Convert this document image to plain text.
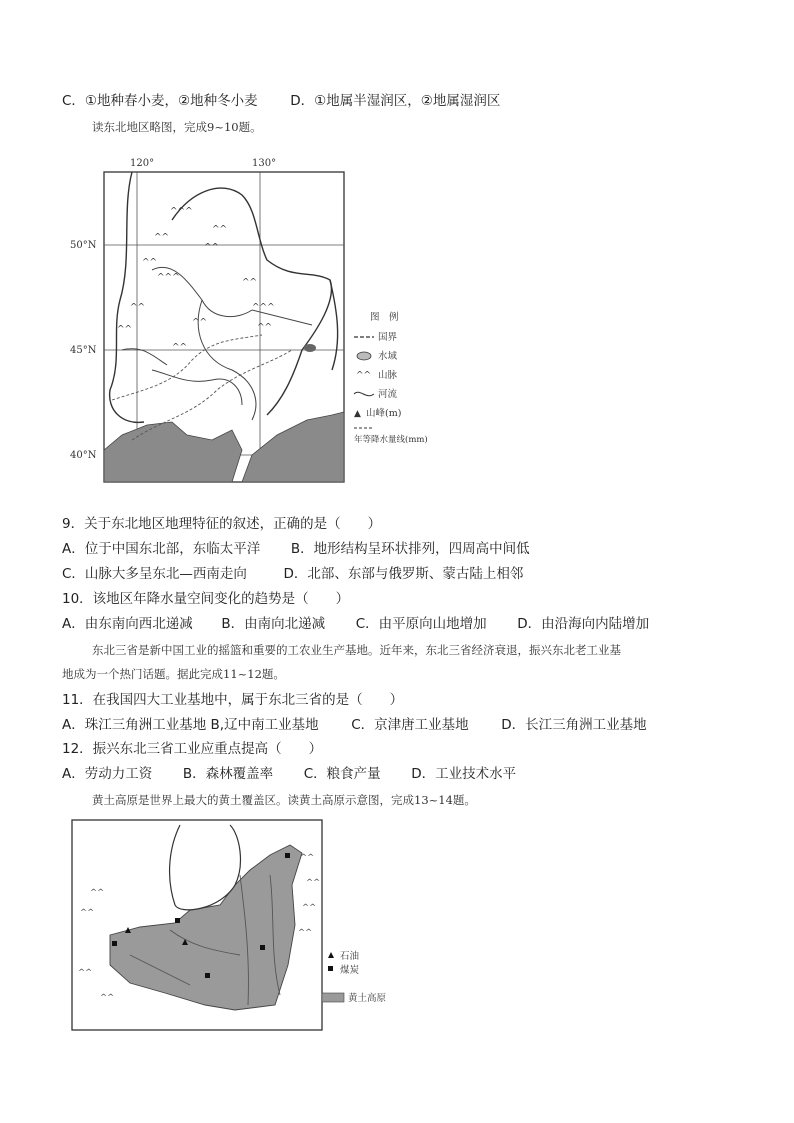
C．①地种春小麦，②地种冬小麦 D．①地属半湿润区，②地属湿润区
读东北地区略图，完成9~10题。
^^^
^^
^^
^^
^^
^^^
^^
^^
^^
^^^
^^
^^
^^
120°	130°
50°N
45°N
40°N
图　例
国界
水域
^^ 山脉
河流
▲ 山峰(m)
年等降水量线(mm)
9．关于东北地区地理特征的叙述，正确的是（　　）
A．位于中国东北部，东临太平洋 B．地形结构呈环状排列，四周高中间低
C．山脉大多呈东北—西南走向	D．北部、东部与俄罗斯、蒙古陆上相邻
10．该地区年降水量空间变化的趋势是（　　）
A．由东南向西北递减 B．由南向北递减 C．由平原向山地增加 D．由沿海向内陆增加
东北三省是新中国工业的摇篮和重要的工农业生产基地。近年来，东北三省经济衰退，振兴东北老工业基
地成为一个热门话题。据此完成11~12题。
11．在我国四大工业基地中，属于东北三省的是（　　）
A．珠江三角洲工业基地 B,辽中南工业基地 C．京津唐工业基地 D．长江三角洲工业基地
12．振兴东北三省工业应重点提高（　　）
A．劳动力工资 B．森林覆盖率 C．粮食产量 D．工业技术水平
黄土高原是世界上最大的黄土覆盖区。读黄土高原示意图，完成13~14题。
^^
^^
^^
^^
^^
^^
^^
^^
石油
煤炭
黄土高原
